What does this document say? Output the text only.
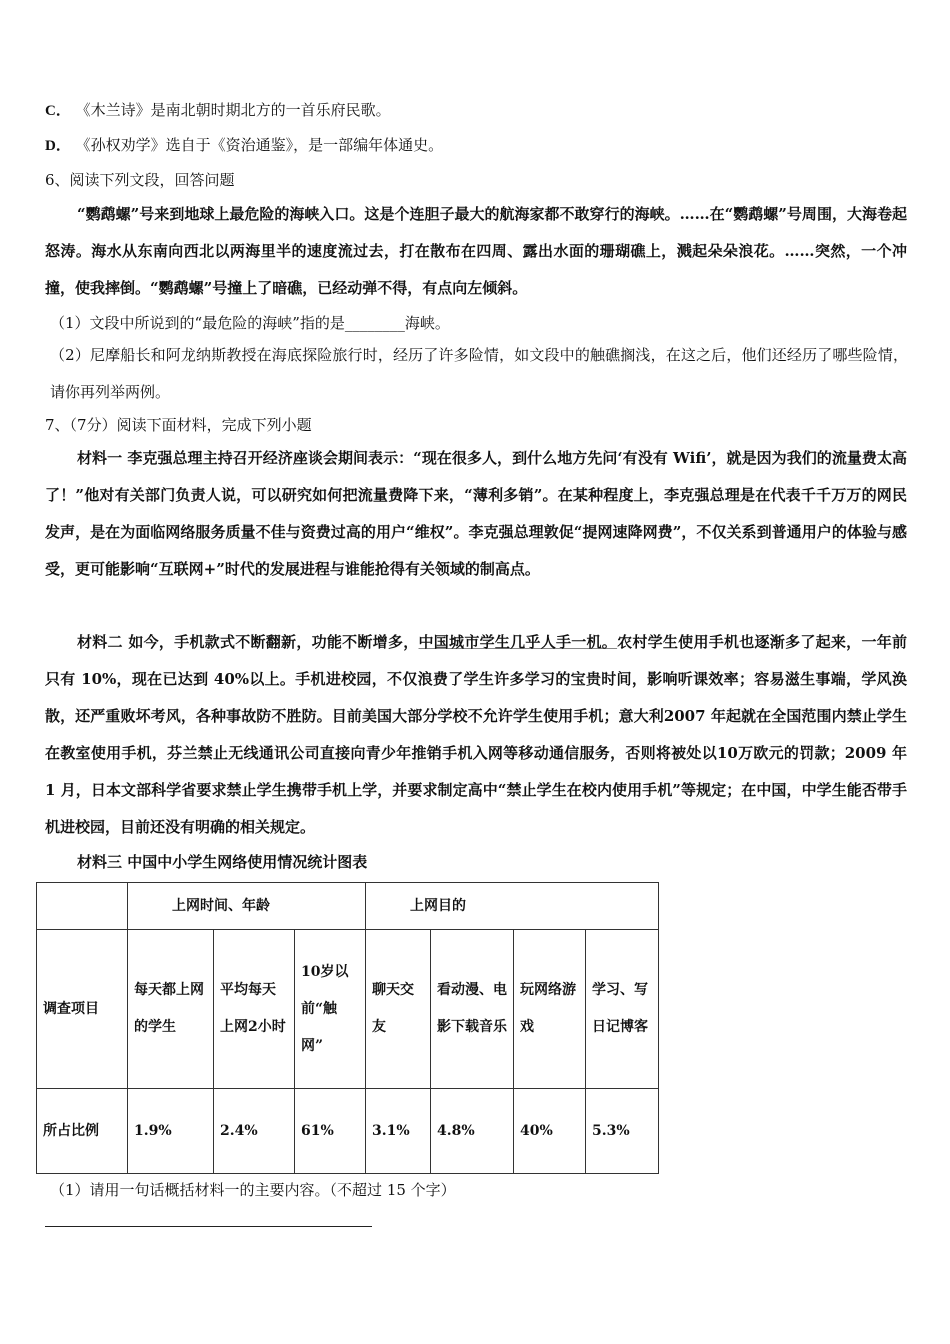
C． 《木兰诗》是南北朝时期北方的一首乐府民歌。
D． 《孙权劝学》选自于《资治通鉴》，是一部编年体通史。
6、阅读下列文段，回答问题
“鹦鹉螺”号来到地球上最危险的海峡入口。这是个连胆子最大的航海家都不敢穿行的海峡。……在“鹦鹉螺”号周围，大海卷起怒涛。海水从东南向西北以两海里半的速度流过去，打在散布在四周、露出水面的珊瑚礁上，溅起朵朵浪花。……突然，一个冲撞，使我摔倒。“鹦鹉螺”号撞上了暗礁，已经动弹不得，有点向左倾斜。
（1）文段中所说到的“最危险的海峡”指的是________海峡。
（2）尼摩船长和阿龙纳斯教授在海底探险旅行时，经历了许多险情，如文段中的触礁搁浅，在这之后，他们还经历了哪些险情，请你再列举两例。
7、（7分）阅读下面材料，完成下列小题
材料一 李克强总理主持召开经济座谈会期间表示：“现在很多人，到什么地方先问‘有没有 Wifi’，就是因为我们的流量费太高了！”他对有关部门负责人说，可以研究如何把流量费降下来，“薄利多销”。在某种程度上，李克强总理是在代表千千万万的网民发声，是在为面临网络服务质量不佳与资费过高的用户“维权”。李克强总理敦促“提网速降网费”，不仅关系到普通用户的体验与感受，更可能影响“互联网+”时代的发展进程与谁能抢得有关领域的制高点。
材料二 如今，手机款式不断翻新，功能不断增多，中国城市学生几乎人手一机。农村学生使用手机也逐渐多了起来，一年前只有 10%，现在已达到 40%以上。手机进校园，不仅浪费了学生许多学习的宝贵时间，影响听课效率；容易滋生事端，学风涣散，还严重败坏考风，各种事故防不胜防。目前美国大部分学校不允许学生使用手机；意大利2007 年起就在全国范围内禁止学生在教室使用手机，芬兰禁止无线通讯公司直接向青少年推销手机入网等移动通信服务，否则将被处以10万欧元的罚款；2009 年 1 月，日本文部科学省要求禁止学生携带手机上学，并要求制定高中“禁止学生在校内使用手机”等规定；在中国，中学生能否带手机进校园，目前还没有明确的相关规定。
材料三 中国中小学生网络使用情况统计图表
	上网时间、年龄			上网目的			
调查项目	每天都上网的学生	平均每天上网2小时	10岁以前“触网”	聊天交友	看动漫、电影下载音乐	玩网络游戏	学习、写日记博客
所占比例	1.9%	2.4%	61%	3.1%	4.8%	40%	5.3%
（1）请用一句话概括材料一的主要内容。（不超过 15 个字）
